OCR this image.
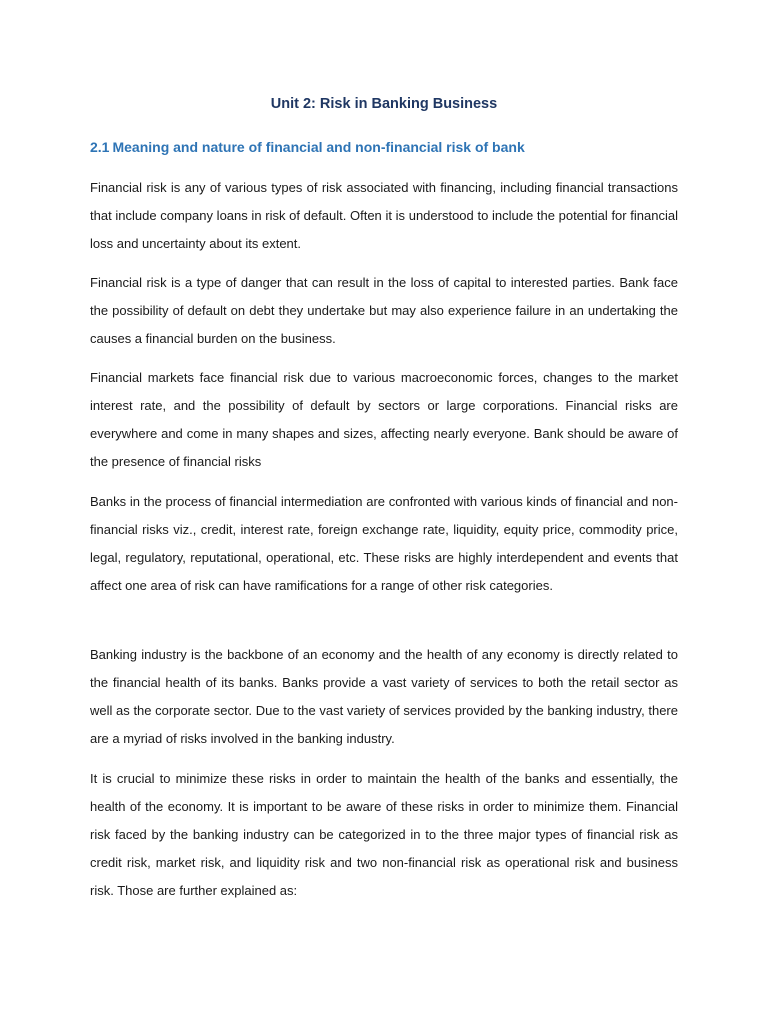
Unit 2: Risk in Banking Business
2.1 Meaning and nature of financial and non-financial risk of bank

Financial risk is any of various types of risk associated with financing, including financial transactions that include company loans in risk of default. Often it is understood to include the potential for financial loss and uncertainty about its extent.

Financial risk is a type of danger that can result in the loss of capital to interested parties. Bank face the possibility of default on debt they undertake but may also experience failure in an undertaking the causes a financial burden on the business.

Financial markets face financial risk due to various macroeconomic forces, changes to the market interest rate, and the possibility of default by sectors or large corporations. Financial risks are everywhere and come in many shapes and sizes, affecting nearly everyone. Bank should be aware of the presence of financial risks

Banks in the process of financial intermediation are confronted with various kinds of financial and non-financial risks viz., credit, interest rate, foreign exchange rate, liquidity, equity price, commodity price, legal, regulatory, reputational, operational, etc. These risks are highly interdependent and events that affect one area of risk can have ramifications for a range of other risk categories.

Banking industry is the backbone of an economy and the health of any economy is directly related to the financial health of its banks. Banks provide a vast variety of services to both the retail sector as well as the corporate sector. Due to the vast variety of services provided by the banking industry, there are a myriad of risks involved in the banking industry.

It is crucial to minimize these risks in order to maintain the health of the banks and essentially, the health of the economy. It is important to be aware of these risks in order to minimize them. Financial risk faced by the banking industry can be categorized in to the three major types of financial risk as credit risk, market risk, and liquidity risk and two non-financial risk as operational risk and business risk. Those are further explained as:
